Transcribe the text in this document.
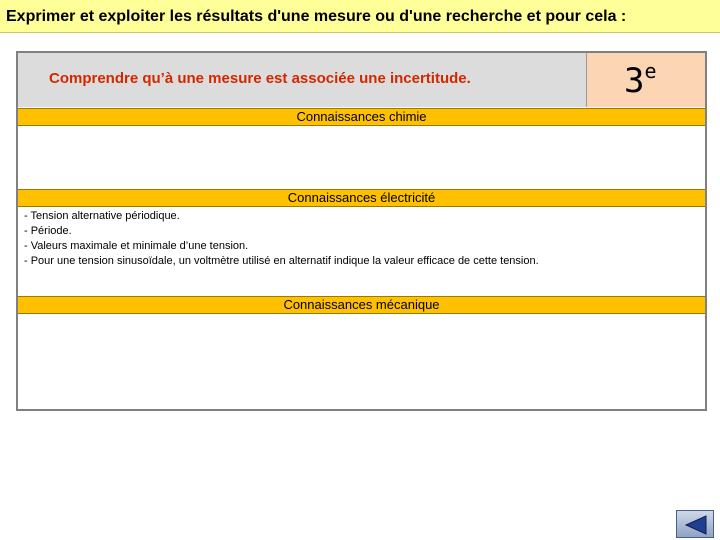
Exprimer et exploiter les résultats d'une mesure ou d'une recherche et pour cela :
Comprendre qu’à une mesure est associée une incertitude.	3e
Connaissances chimie
Connaissances électricité
- Tension alternative périodique.
- Période.
- Valeurs maximale et minimale d’une tension.
- Pour une tension sinusoïdale, un voltmètre utilisé en alternatif indique la valeur efficace de cette tension.
Connaissances mécanique
